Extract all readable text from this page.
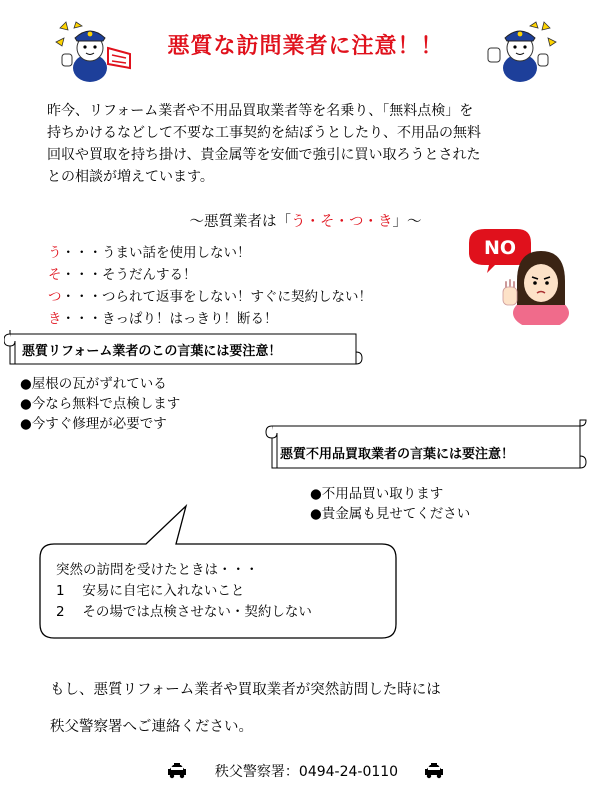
悪質な訪問業者に注意！！
昨今、リフォーム業者や不用品買取業者等を名乗り、「無料点検」を
持ちかけるなどして不要な工事契約を結ぼうとしたり、不用品の無料
回収や買取を持ち掛け、貴金属等を安価で強引に買い取ろうとされた
との相談が増えています。
〜悪質業者は「う・そ・つ・き」〜
う・・・うまい話を使用しない！
そ・・・そうだんする！
つ・・・つられて返事をしない！すぐに契約しない！
き・・・きっぱり！はっきり！断る！
NO
悪質リフォーム業者のこの言葉には要注意！
●屋根の瓦がずれている
●今なら無料で点検します
●今すぐ修理が必要です
悪質不用品買取業者の言葉には要注意！
●不用品買い取ります
●貴金属も見せてください
突然の訪問を受けたときは・・・
1　 安易に自宅に入れないこと
2　 その場では点検させない・契約しない
もし、悪質リフォーム業者や買取業者が突然訪問した時には
秩父警察署へご連絡ください。
秩父警察署：0494-24-0110
